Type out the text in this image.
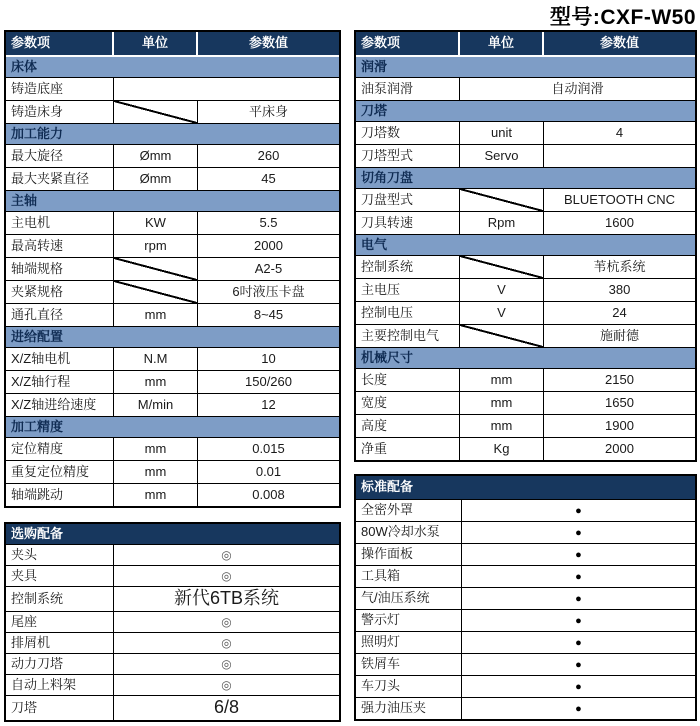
型号:CXF-W50
参数项	单位	参数值
床体		
铸造底座		
铸造床身		平床身
加工能力		
最大旋径	Ømm	260
最大夹紧直径	Ømm	45
主轴		
主电机	KW	5.5
最高转速	rpm	2000
轴端规格		A2-5
夹紧规格		6吋液压卡盘
通孔直径	mm	8~45
进给配置		
X/Z轴电机	N.M	10
X/Z轴行程	mm	150/260
X/Z轴进给速度	M/min	12
加工精度		
定位精度	mm	0.015
重复定位精度	mm	0.01
轴端跳动	mm	0.008
选购配备	
夹头	◎
夹具	◎
控制系统	新代6TB系统
尾座	◎
排屑机	◎
动力刀塔	◎
自动上料架	◎
刀塔	6/8
参数项	单位	参数值
润滑		
油泵润滑	自动润滑	
刀塔		
刀塔数	unit	4
刀塔型式	Servo	
切角刀盘		
刀盘型式		BLUETOOTH CNC
刀具转速	Rpm	1600
电气		
控制系统		苇杭系统
主电压	V	380
控制电压	V	24
主要控制电气		施耐德
机械尺寸		
长度	mm	2150
宽度	mm	1650
高度	mm	1900
净重	Kg	2000
标准配备	
全密外罩	●
80W冷却水泵	●
操作面板	●
工具箱	●
气/油压系统	●
警示灯	●
照明灯	●
铁屑车	●
车刀头	●
强力油压夹	●
